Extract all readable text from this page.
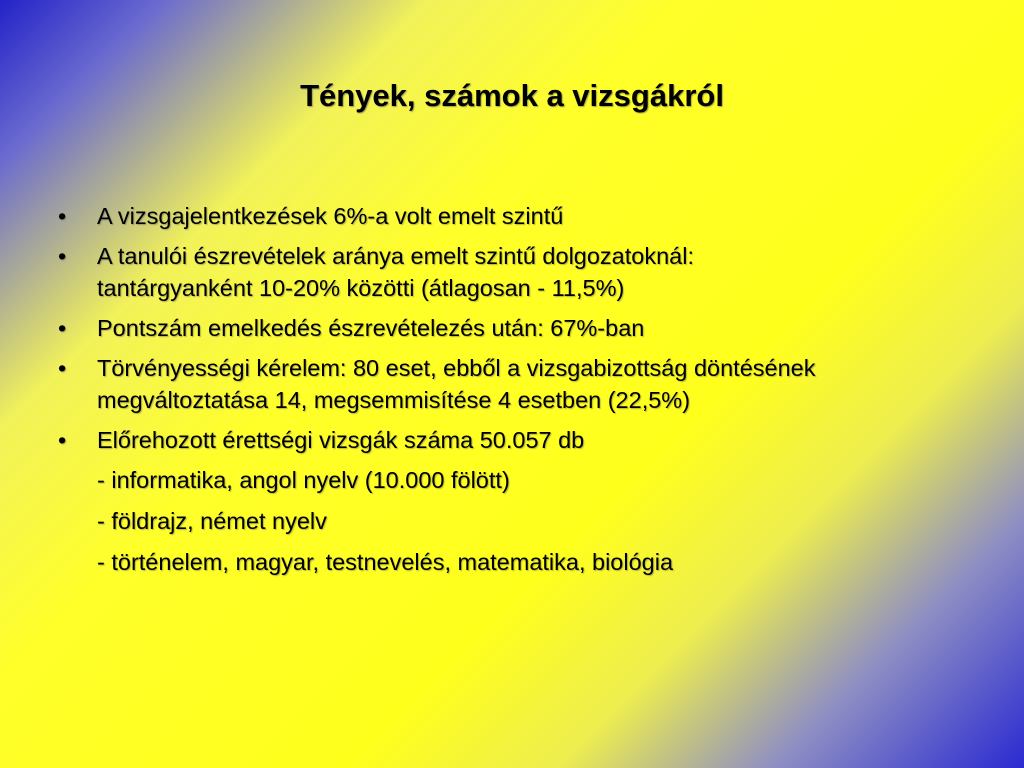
Tények, számok a vizsgákról
• A vizsgajelentkezések 6%-a volt emelt szintű
• A tanulói észrevételek aránya emelt szintű dolgozatoknál: tantárgyanként 10-20% közötti (átlagosan - 11,5%)
• Pontszám emelkedés észrevételezés után: 67%-ban
• Törvényességi kérelem: 80 eset, ebből a vizsgabizottság döntésének megváltoztatása 14, megsemmisítése 4 esetben (22,5%)
• Előrehozott érettségi vizsgák száma 50.057 db
- informatika, angol nyelv (10.000 fölött)
- földrajz, német nyelv
- történelem, magyar, testnevelés, matematika, biológia
